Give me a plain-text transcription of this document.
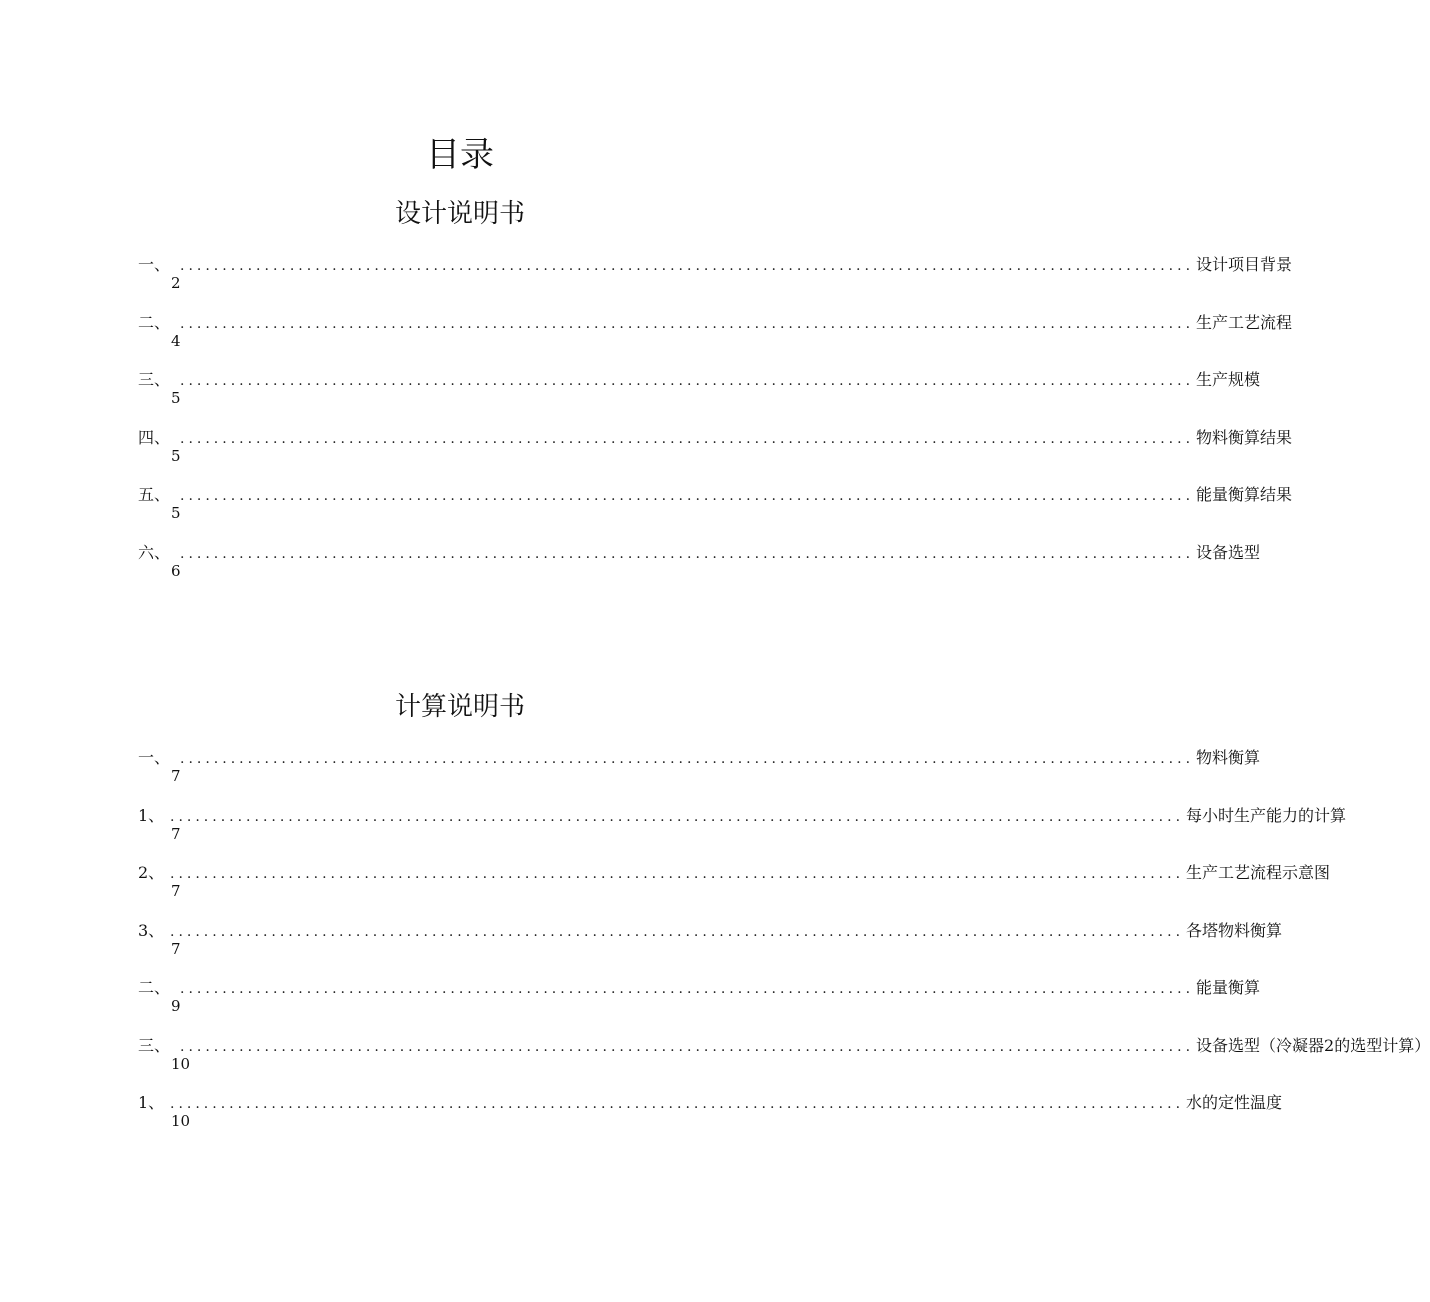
目录
设计说明书
一、 ........................................................................................................................ 设计项目背景
2
二、 ........................................................................................................................ 生产工艺流程
4
三、 ........................................................................................................................ 生产规模
5
四、 ........................................................................................................................ 物料衡算结果
5
五、 ........................................................................................................................ 能量衡算结果
5
六、 ........................................................................................................................ 设备选型
6
计算说明书
一、 ........................................................................................................................ 物料衡算
7
1、 ........................................................................................................................ 每小时生产能力的计算
7
2、 ........................................................................................................................ 生产工艺流程示意图
7
3、 ........................................................................................................................ 各塔物料衡算
7
二、 ........................................................................................................................ 能量衡算
9
三、 ........................................................................................................................ 设备选型（冷凝器2的选型计算）
10
1、 ........................................................................................................................ 水的定性温度
10
